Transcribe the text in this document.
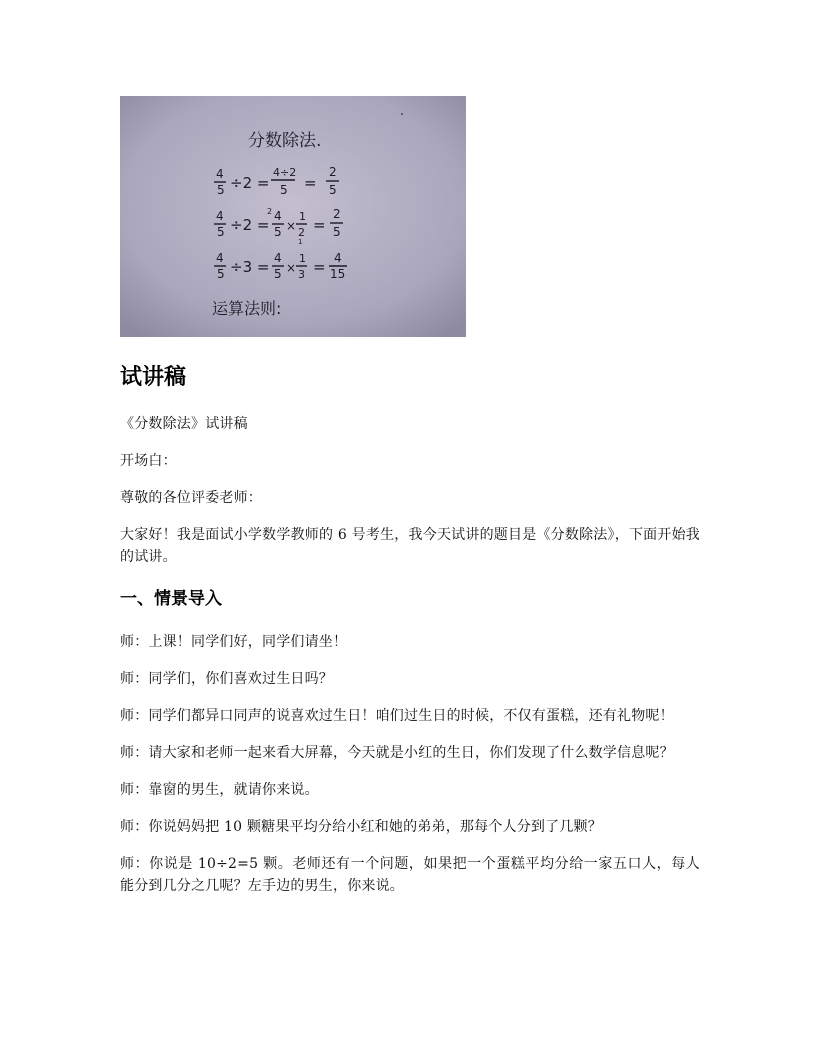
分数除法.
4
5 ÷2 =
4÷2
5 =
2
5
4
5 ÷2 =
2 4
5 ×
1
2
1
=
2
5
4
5 ÷3 = 4
5 ×
1
3 = 4
15
运算法则:
试讲稿

《分数除法》试讲稿

开场白：

尊敬的各位评委老师：

大家好！我是面试小学数学教师的 6 号考生，我今天试讲的题目是《分数除法》，下面开始我的试讲。

一、情景导入

师：上课！同学们好，同学们请坐！

师：同学们，你们喜欢过生日吗？

师：同学们都异口同声的说喜欢过生日！咱们过生日的时候，不仅有蛋糕，还有礼物呢！

师：请大家和老师一起来看大屏幕，今天就是小红的生日，你们发现了什么数学信息呢？

师：靠窗的男生，就请你来说。

师：你说妈妈把 10 颗糖果平均分给小红和她的弟弟，那每个人分到了几颗？

师：你说是 10÷2=5 颗。老师还有一个问题，如果把一个蛋糕平均分给一家五口人，每人能分到几分之几呢？左手边的男生，你来说。
